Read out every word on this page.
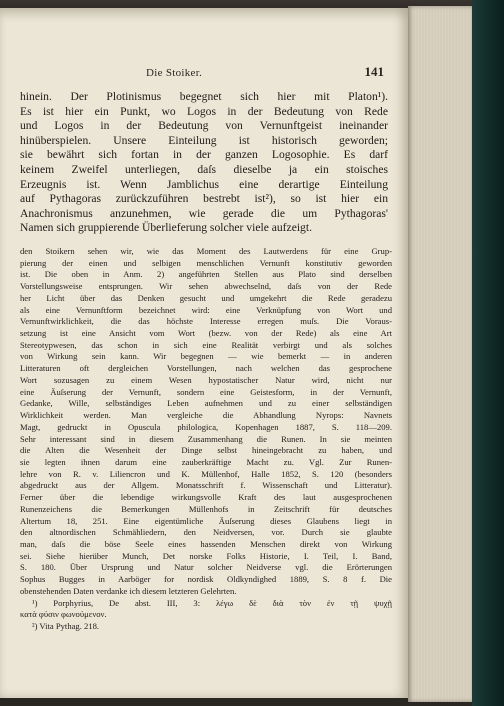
Die Stoiker.	141
hinein. Der Plotinismus begegnet sich hier mit Platon¹).
Es ist hier ein Punkt, wo Logos in der Bedeutung von Rede
und Logos in der Bedeutung von Vernunftgeist ineinander
hinüberspielen. Unsere Einteilung ist historisch geworden;
sie bewährt sich fortan in der ganzen Logosophie. Es darf
keinem Zweifel unterliegen, daſs dieselbe ja ein stoisches
Erzeugnis ist. Wenn Jamblichus eine derartige Einteilung
auf Pythagoras zurückzuführen bestrebt ist²), so ist hier ein
Anachronismus anzunehmen, wie gerade die um Pythagoras'
Namen sich gruppierende Überlieferung solcher viele aufzeigt.
den Stoikern sehen wir, wie das Moment des Lautwerdens für eine Grup-
pierung der einen und selbigen menschlichen Vernunft konstitutiv geworden
ist. Die oben in Anm. 2) angeführten Stellen aus Plato sind derselben
Vorstellungsweise entsprungen. Wir sehen abwechselnd, daſs von der Rede
her Licht über das Denken gesucht und umgekehrt die Rede geradezu
als eine Vernunftform bezeichnet wird: eine Verknüpfung von Wort und
Vernunftwirklichkeit, die das höchste Interesse erregen muſs. Die Voraus-
setzung ist eine Ansicht vom Wort (bezw. von der Rede) als eine Art
Stereotypwesen, das schon in sich eine Realität verbirgt und als solches
von Wirkung sein kann. Wir begegnen — wie bemerkt — in anderen
Litteraturen oft dergleichen Vorstellungen, nach welchen das gesprochene
Wort sozusagen zu einem Wesen hypostatischer Natur wird, nicht nur
eine Äuſserung der Vernunft, sondern eine Geistesform, in der Vernunft,
Gedanke, Wille, selbständiges Leben aufnehmen und zu einer selbständigen
Wirklichkeit werden. Man vergleiche die Abhandlung Nyrops: Navnets
Magt, gedruckt in Opuscula philologica, Kopenhagen 1887, S. 118—209.
Sehr interessant sind in diesem Zusammenhang die Runen. In sie meinten
die Alten die Wesenheit der Dinge selbst hineingebracht zu haben, und
sie legten ihnen darum eine zauberkräftige Macht zu. Vgl. Zur Runen-
lehre von R. v. Liliencron und K. Müllenhof, Halle 1852, S. 120 (besonders
abgedruckt aus der Allgem. Monatsschrift f. Wissenschaft und Litteratur).
Ferner über die lebendige wirkungsvolle Kraft des laut ausgesprochenen
Runenzeichens die Bemerkungen Müllenhofs in Zeitschrift für deutsches
Altertum 18, 251. Eine eigentümliche Äuſserung dieses Glaubens liegt in
den altnordischen Schmähliedern, den Neidversen, vor. Durch sie glaubte
man, daſs die böse Seele eines hassenden Menschen direkt von Wirkung
sei. Siehe hierüber Munch, Det norske Folks Historie, I. Teil, I. Band,
S. 180. Über Ursprung und Natur solcher Neidverse vgl. die Erörterungen
Sophus Bugges in Aarböger for nordisk Oldkyndighed 1889, S. 8 f. Die
obenstehenden Daten verdanke ich diesem letzteren Gelehrten.
¹) Porphyrius, De abst. III, 3: λέγω δὲ διὰ τὸν ἐν τῇ ψυχῇ
κατὰ φύσιν φωνούμενον.
²) Vita Pythag. 218.
